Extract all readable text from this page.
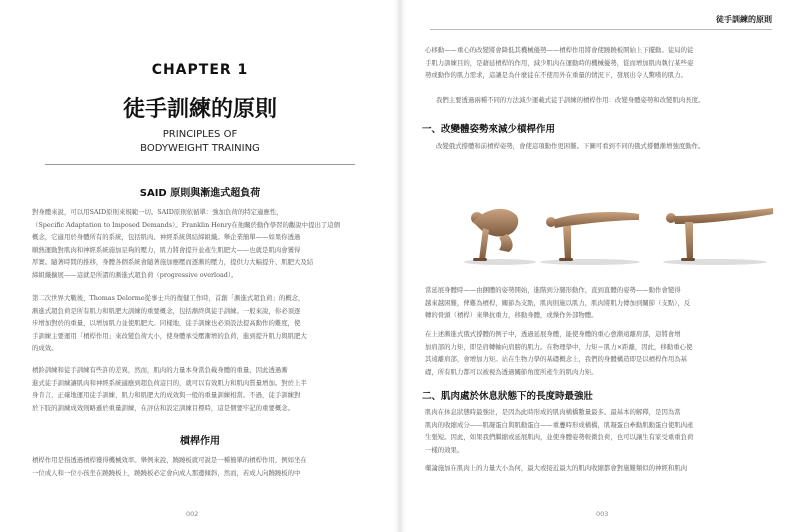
CHAPTER 1
徒手訓練的原則
PRINCIPLES OF
BODYWEIGHT TRAINING
SAID 原則與漸進式超負荷
對身體來說，可以用SAID原則來規範一切。SAID原則依循單：強加負荷的特定適應性，
（Specific Adaptation to Imposed Demands）。Franklin Henry在他關於動作學習的觀說中提出了這個
概念，它適用於身體所有的系統，包括肌肉、神經系統與結締組織。舉企業簡單——如果你透過
順熱運動對肌肉和神經系統施加足夠的壓力，肌力將會提升並產生肌肥大——也就是肌肉會獲得
厚實。隨著時間的推移，身體各個系統會隨著施加應壓而逐漸的壓力，提供力大幅提升、肌肥大及結
締組織擴展——這就是所謂的漸進式超負荷（progressive overload）。
第二次世界大戰後，Thomas Delorme從事士兵的復健工作時，首創「漸進式超負荷」的概念，
漸進式超負荷是所有肌力和肌肥大訓練的重要概念，包括漸終與徒手訓練。一般來說，你必須逐
步增加對於的重量，以增加肌力並使肌肥大。同樣地，徒手訓練也必須設法提高動作的難度，使
手訓練主要運用「槓桿作用」來改變負荷大小，使身體承受壓漸增的負荷，進到提升肌力與肌肥大
的成效。
槓鈴訓練和徒手訓練有些許的差異，然而，肌肉的力量本身當負載身體的重量，因此透過漸
進式徒手訓練讓肌肉和神經系統適應到超負荷這目的，就可以有效肌力和肌肉質量增加。對於上半
身肯言，正確地運用徒手訓練，肌力和肌肥大的成效與一般的重量訓練相當。不過，徒手訓練對
於下肢的訓練成效則略遜於重量訓練，在評估和設定訓練目標時，這是個要牢記的重要概念。
槓桿作用
槓桿作用是指透過槓桿獲得機械效率。舉例來說，蹺蹺板就可說是一種簡單的槓桿作用，例如坐在
一位成人和一位小孩坐在蹺蹺板上，蹺蹺板必定會向成人那邊傾斜，然而，若成人向蹺蹺板的中
002
徒手訓練的原則
003
心移動——重心的改變將會降低其機械優勢——槓桿作用將會使蹺蹺板開始上下擺動。徒局的徒
手肌力訓練目的，是藉延槓桿的作用，減少肌肉在運動時的機械優勢，從而增加肌肉執行某些姿
勢或動作的肌力需求，這讓是為什麼徒在不使用外在重量的情況下，發展出令人驚嘆的肌力。
我們主要透過兩種不同的方法減少運載式徒手訓練的槓桿作用：改變身體姿勢和改變肌肉長度。
一、改變體姿勢來減少槓桿作用
改變俄式撐體和前槓桿姿勢，會使這項動作更困難。下圖可看到不同的俄式撐體漸增強度動作。
當延展身體時——由捆體的姿勢開始，進階到分腿形動作，直到直體的姿勢——動作會變得
越來越困難，俾難為槓桿，關節為支點，肌肉則施以肌力，肌肉將肌力傳加到關節（支點），反
轉的骨頭（槓桿）來舉抗重力，移動身體，或操作外部物體。
在上述漸進式俄式撐體的例子中，透過延展身體，能使身體的重心愈漸遠離肩部，這將會增
加肩部的力矩，即是肩轉軸向肩膀的肌力。在物理學中，力矩＝肌力×距離，因此，移動重心使
其遠離肩部，會增加力矩。站在生物力學的基礎概念上，我們的身體構造即是以槓桿作用為基
礎，所有肌力都可以被視為透過關節角度所產生的肌肉力矩。
二、肌肉處於休息狀態下的長度時最強壯
肌肉在休息狀態時最強壯，是因為此時形成的肌肉橫橋數量最多。最基本的解釋，是因為當
肌肉的收縮成分——肌凝蛋白與肌動蛋白——重疊時形成橫橋，肌凝蛋白牽動肌動蛋白使肌肉產
生張短。因此，如果我們繼縮或延展肌肉，並使身體姿勢較微負荷，也可以讓生有家受重重負荷
一樣的效果。
藥論施加在肌肉上的力量大小為何，最大或接近最大的肌肉收縮都會對施難類似的神經和肌肉
